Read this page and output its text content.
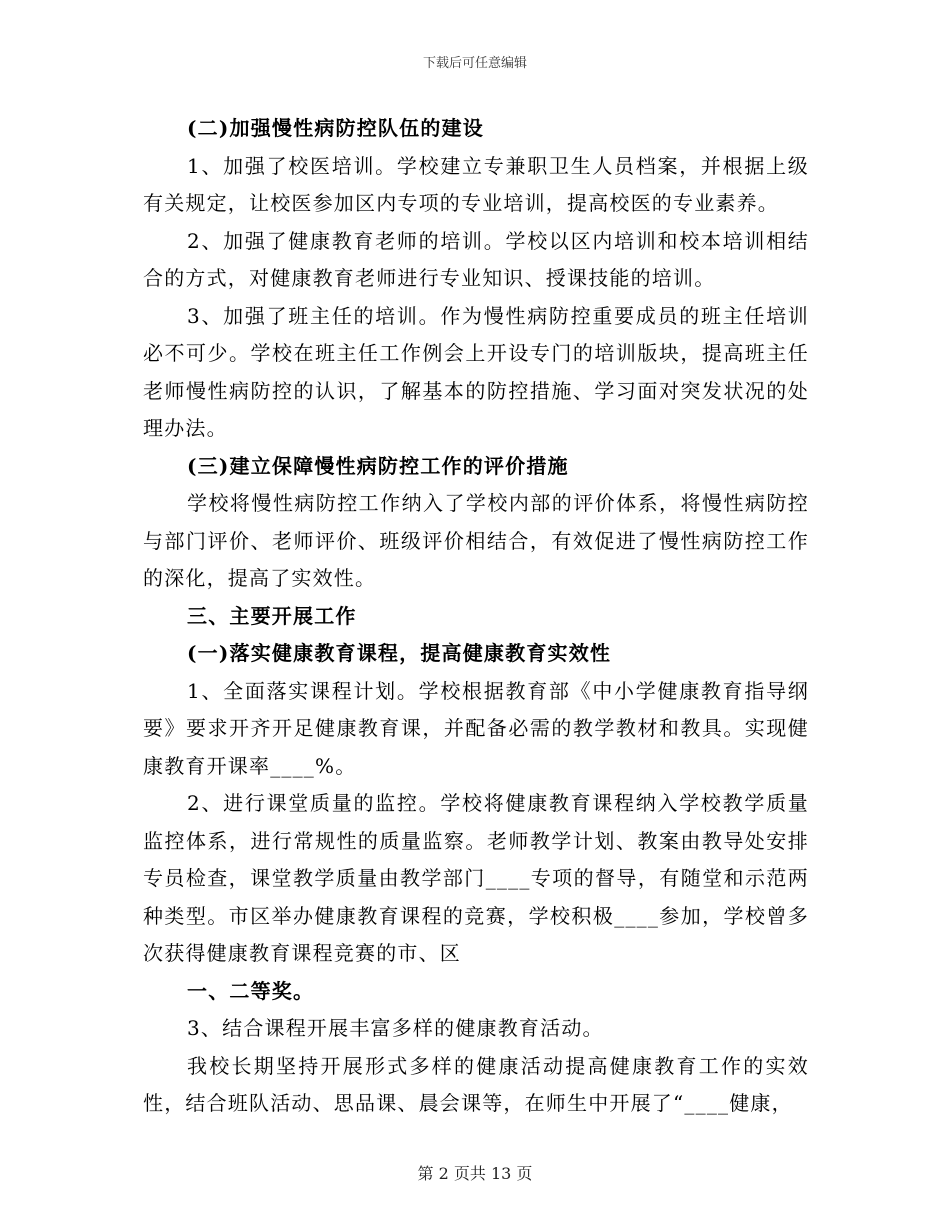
下载后可任意编辑

(二)加强慢性病防控队伍的建设

1、加强了校医培训。学校建立专兼职卫生人员档案，并根据上级有关规定，让校医参加区内专项的专业培训，提高校医的专业素养。

2、加强了健康教育老师的培训。学校以区内培训和校本培训相结合的方式，对健康教育老师进行专业知识、授课技能的培训。

3、加强了班主任的培训。作为慢性病防控重要成员的班主任培训必不可少。学校在班主任工作例会上开设专门的培训版块，提高班主任老师慢性病防控的认识，了解基本的防控措施、学习面对突发状况的处理办法。

(三)建立保障慢性病防控工作的评价措施

学校将慢性病防控工作纳入了学校内部的评价体系，将慢性病防控与部门评价、老师评价、班级评价相结合，有效促进了慢性病防控工作的深化，提高了实效性。

三、主要开展工作

(一)落实健康教育课程，提高健康教育实效性

1、全面落实课程计划。学校根据教育部《中小学健康教育指导纲要》要求开齐开足健康教育课，并配备必需的教学教材和教具。实现健康教育开课率____%。

2、进行课堂质量的监控。学校将健康教育课程纳入学校教学质量监控体系，进行常规性的质量监察。老师教学计划、教案由教导处安排专员检查，课堂教学质量由教学部门____专项的督导，有随堂和示范两种类型。市区举办健康教育课程的竞赛，学校积极____参加，学校曾多次获得健康教育课程竞赛的市、区

一、二等奖。

3、结合课程开展丰富多样的健康教育活动。

我校长期坚持开展形式多样的健康活动提高健康教育工作的实效性，结合班队活动、思品课、晨会课等，在师生中开展了“____健康，

第 2 页共 13 页
